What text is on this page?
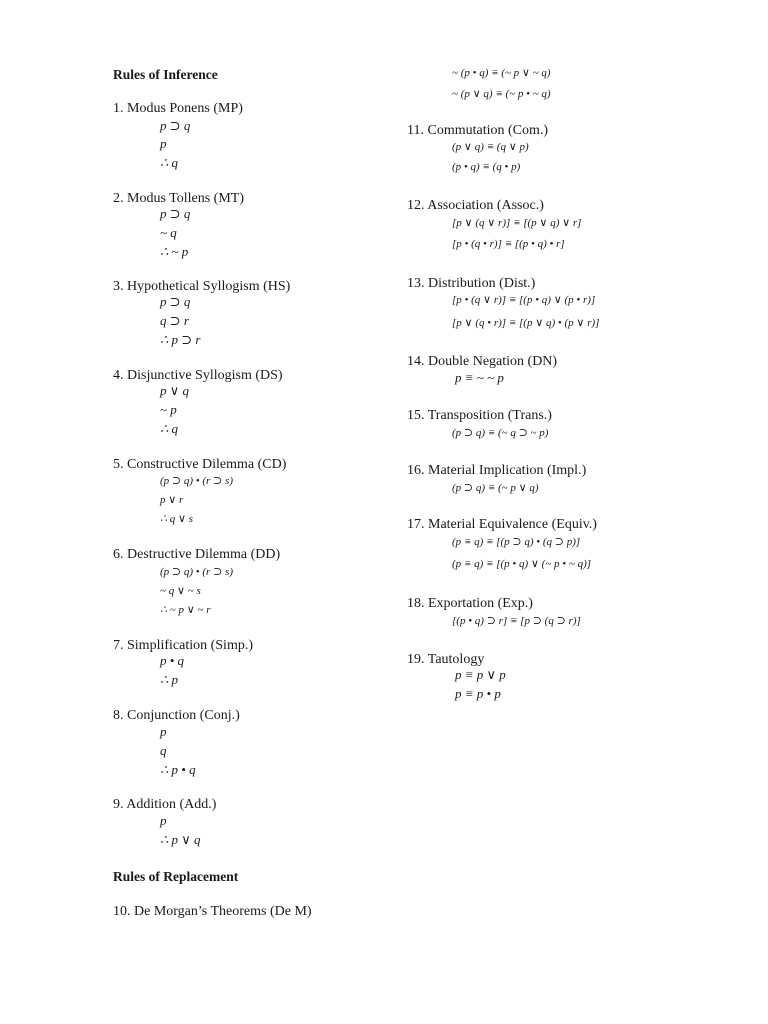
Rules of Inference

1. Modus Ponens (MP)

p ⊃ q

p

∴ q

2. Modus Tollens (MT)

p ⊃ q

~ q

∴ ~ p

3. Hypothetical Syllogism (HS)

p ⊃ q

q ⊃ r

∴ p ⊃ r

4. Disjunctive Syllogism (DS)

p ∨ q

~ p

∴ q

5. Constructive Dilemma (CD)

(p ⊃ q) • (r ⊃ s)

p ∨ r

∴ q ∨ s

6. Destructive Dilemma (DD)

(p ⊃ q) • (r ⊃ s)

~ q ∨ ~ s

∴ ~ p ∨ ~ r

7. Simplification (Simp.)

p • q

∴ p

8. Conjunction (Conj.)

p

q

∴ p • q

9. Addition (Add.)

p

∴ p ∨ q

Rules of Replacement

10. De Morgan’s Theorems (De M)

~ (p • q) ≡ (~ p ∨ ~ q)

~ (p ∨ q) ≡ (~ p • ~ q)

11. Commutation (Com.)

(p ∨ q) ≡ (q ∨ p)

(p • q) ≡ (q • p)

12. Association (Assoc.)

[p ∨ (q ∨ r)] ≡ [(p ∨ q) ∨ r]

[p • (q • r)] ≡ [(p • q) • r]

13. Distribution (Dist.)

[p • (q ∨ r)] ≡ [(p • q) ∨ (p • r)]

[p ∨ (q • r)] ≡ [(p ∨ q) • (p ∨ r)]

14. Double Negation (DN)

p ≡ ~ ~ p

15. Transposition (Trans.)

(p ⊃ q) ≡ (~ q ⊃ ~ p)

16. Material Implication (Impl.)

(p ⊃ q) ≡ (~ p ∨ q)

17. Material Equivalence (Equiv.)

(p ≡ q) ≡ [(p ⊃ q) • (q ⊃ p)]

(p ≡ q) ≡ [(p • q) ∨ (~ p • ~ q)]

18. Exportation (Exp.)

[(p • q) ⊃ r] ≡ [p ⊃ (q ⊃ r)]

19. Tautology

p ≡ p ∨ p

p ≡ p • p
